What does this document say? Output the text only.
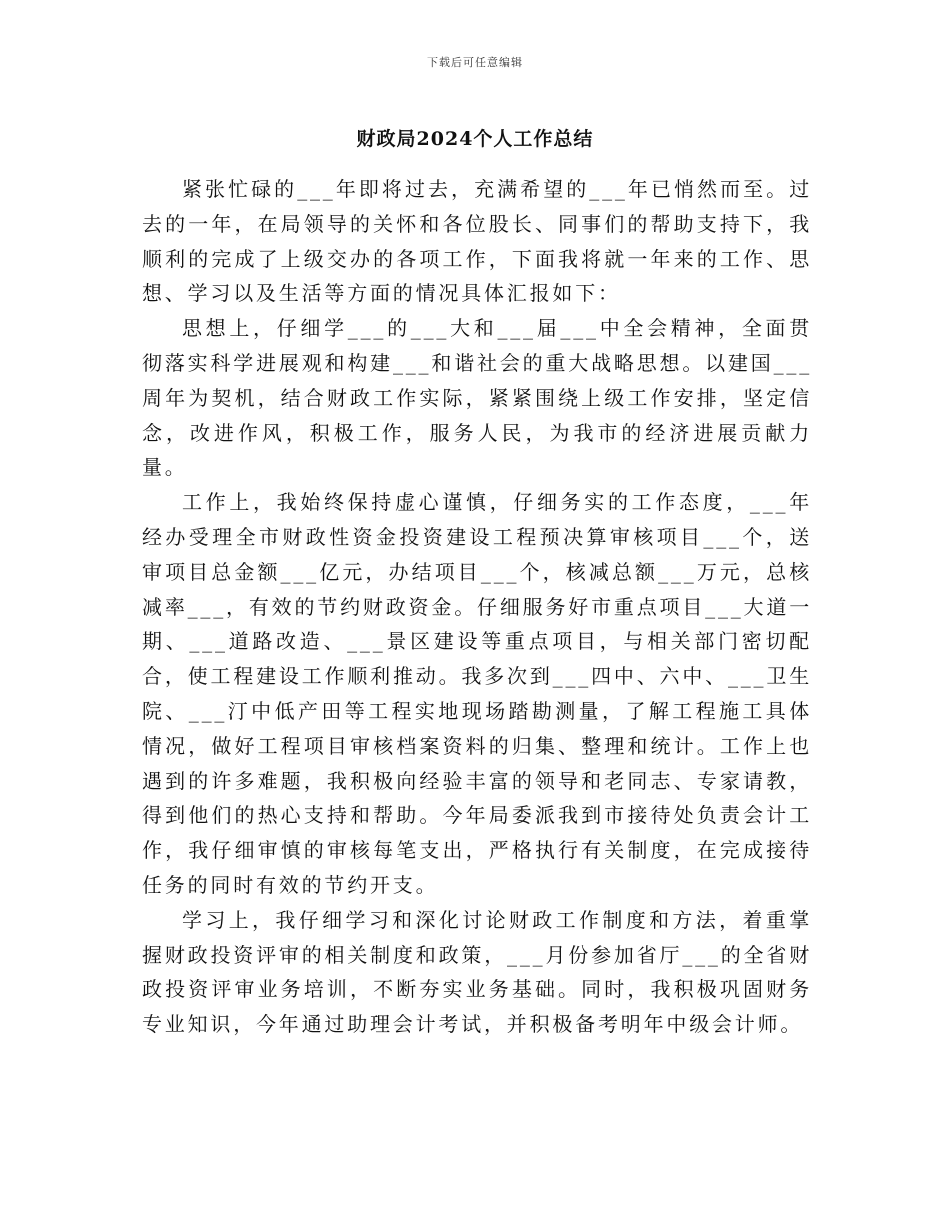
下载后可任意编辑
财政局2024个人工作总结

紧张忙碌的___年即将过去，充满希望的___年已悄然而至。过去的一年，在局领导的关怀和各位股长、同事们的帮助支持下，我顺利的完成了上级交办的各项工作，下面我将就一年来的工作、思想、学习以及生活等方面的情况具体汇报如下：

思想上，仔细学___的___大和___届___中全会精神，全面贯彻落实科学进展观和构建___和谐社会的重大战略思想。以建国___周年为契机，结合财政工作实际，紧紧围绕上级工作安排，坚定信念，改进作风，积极工作，服务人民，为我市的经济进展贡献力量。

工作上，我始终保持虚心谨慎，仔细务实的工作态度，___年经办受理全市财政性资金投资建设工程预决算审核项目___个，送审项目总金额___亿元，办结项目___个，核减总额___万元，总核减率___，有效的节约财政资金。仔细服务好市重点项目___大道一期、___道路改造、___景区建设等重点项目，与相关部门密切配合，使工程建设工作顺利推动。我多次到___四中、六中、___卫生院、___汀中低产田等工程实地现场踏勘测量，了解工程施工具体情况，做好工程项目审核档案资料的归集、整理和统计。工作上也遇到的许多难题，我积极向经验丰富的领导和老同志、专家请教，得到他们的热心支持和帮助。今年局委派我到市接待处负责会计工作，我仔细审慎的审核每笔支出，严格执行有关制度，在完成接待任务的同时有效的节约开支。

学习上，我仔细学习和深化讨论财政工作制度和方法，着重掌握财政投资评审的相关制度和政策，___月份参加省厅___的全省财政投资评审业务培训，不断夯实业务基础。同时，我积极巩固财务专业知识，今年通过助理会计考试，并积极备考明年中级会计师。
